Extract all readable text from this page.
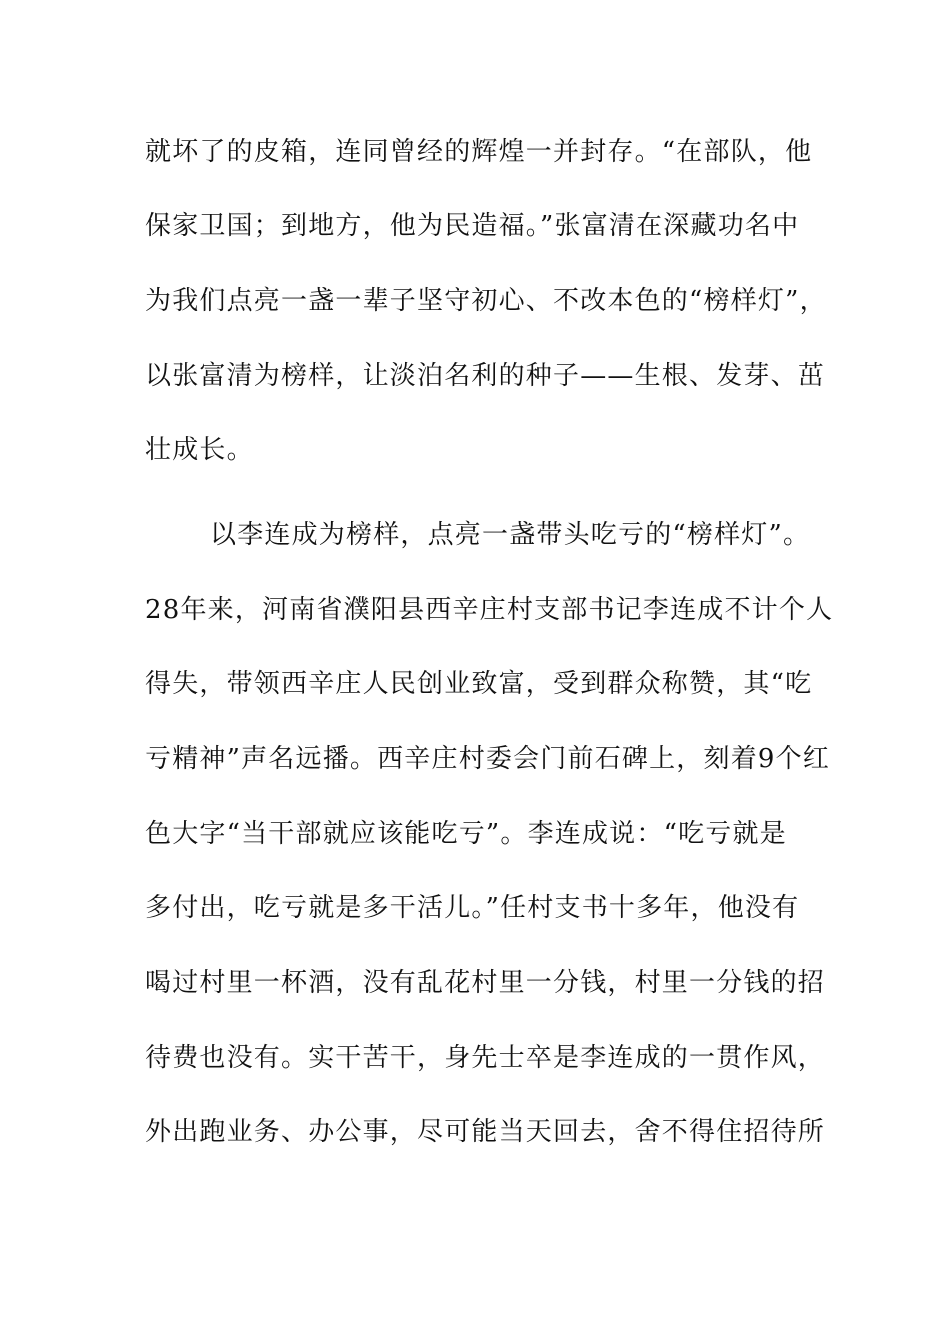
就坏了的皮箱，连同曾经的辉煌一并封存。“在部队，他
保家卫国；到地方，他为民造福。”张富清在深藏功名中
为我们点亮一盏一辈子坚守初心、不改本色的“榜样灯”，
以张富清为榜样，让淡泊名利的种子——生根、发芽、茁
壮成长。
以李连成为榜样，点亮一盏带头吃亏的“榜样灯”。
28年来，河南省濮阳县西辛庄村支部书记李连成不计个人
得失，带领西辛庄人民创业致富，受到群众称赞，其“吃
亏精神”声名远播。西辛庄村委会门前石碑上，刻着9个红
色大字“当干部就应该能吃亏”。李连成说：“吃亏就是
多付出，吃亏就是多干活儿。”任村支书十多年，他没有
喝过村里一杯酒，没有乱花村里一分钱，村里一分钱的招
待费也没有。实干苦干，身先士卒是李连成的一贯作风，
外出跑业务、办公事，尽可能当天回去，舍不得住招待所
